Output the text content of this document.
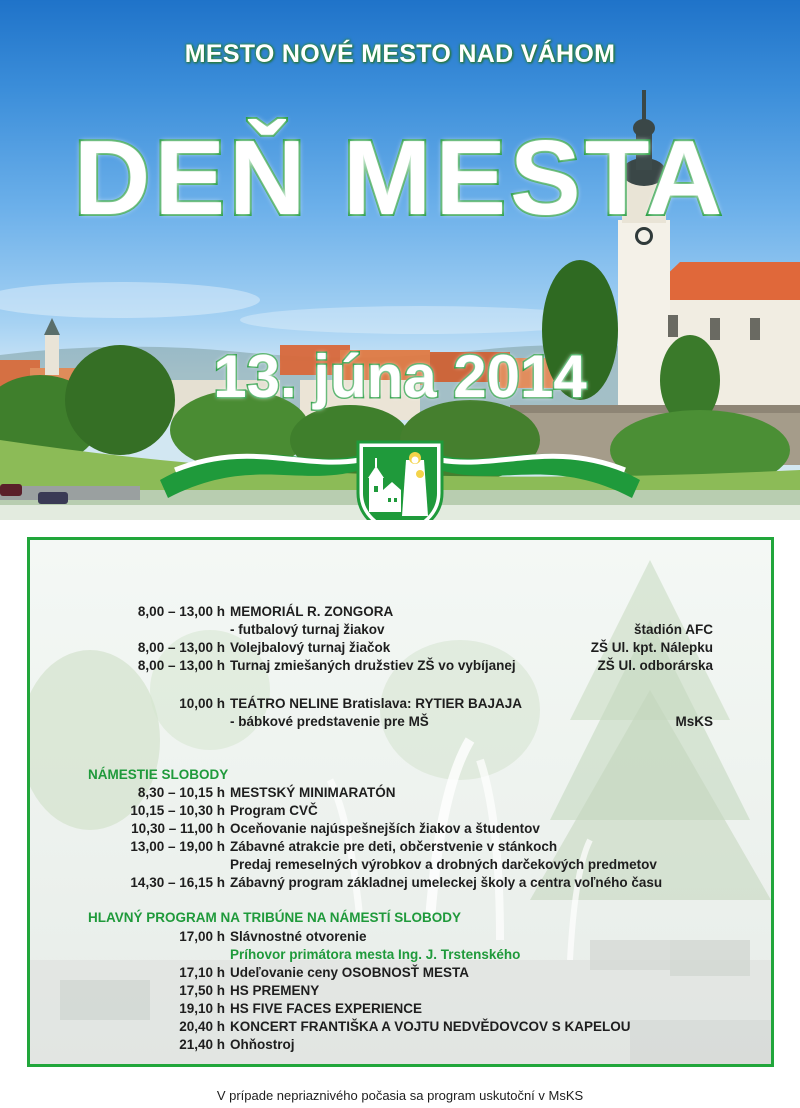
MESTO NOVÉ MESTO NAD VÁHOM
DEŇ MESTA
13. júna 2014
8,00 – 13,00 h MEMORIÁL R. ZONGORA
- futbalový turnaj žiakov	štadión AFC
8,00 – 13,00 h Volejbalový turnaj žiačok	ZŠ Ul. kpt. Nálepku
8,00 – 13,00 h Turnaj zmiešaných družstiev ZŠ vo vybíjanej	ZŠ Ul. odborárska
10,00 h TEÁTRO NELINE Bratislava: RYTIER BAJAJA
- bábkové predstavenie pre MŠ	MsKS
NÁMESTIE SLOBODY
8,30 – 10,15 h MESTSKÝ MINIMARATÓN
10,15 – 10,30 h Program CVČ
10,30 – 11,00 h Oceňovanie najúspešnejších žiakov a študentov
13,00 – 19,00 h Zábavné atrakcie pre deti, občerstvenie v stánkoch
Predaj remeselných výrobkov a drobných darčekových predmetov
14,30 – 16,15 h Zábavný program základnej umeleckej školy a centra voľného času
HLAVNÝ PROGRAM NA TRIBÚNE NA NÁMESTÍ SLOBODY
17,00 h Slávnostné otvorenie
Príhovor primátora mesta Ing. J. Trstenského
17,10 h Udeľovanie ceny OSOBNOSŤ MESTA
17,50 h HS PREMENY
19,10 h HS FIVE FACES EXPERIENCE
20,40 h KONCERT FRANTIŠKA A VOJTU NEDVĚDOVCOV S KAPELOU
21,40 h Ohňostroj
V prípade nepriaznivého počasia sa program uskutoční v MsKS
